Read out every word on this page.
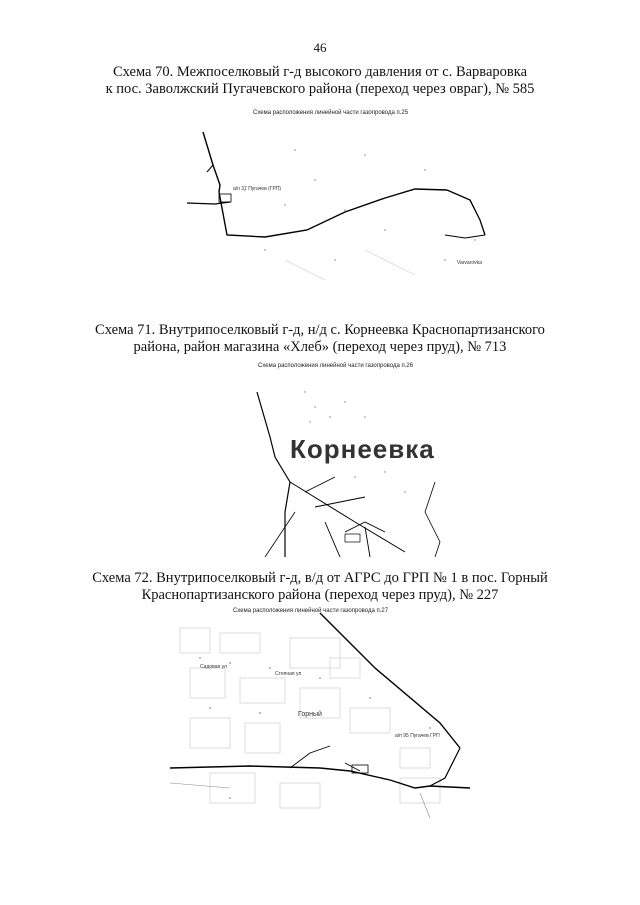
46
Схема 70. Межпоселковый г-д высокого давления от с. Варваровка
к пос. Заволжский Пугачевского района (переход через овраг), № 585
Схема расположения линейной части газопровода п.25
а/п 37 Пугачев (ГРП)
Varvarovka
Схема 71. Внутрипоселковый г-д, н/д с. Корнеевка Краснопартизанского
района, район магазина «Хлеб» (переход через пруд), № 713
Схема расположения линейной части газопровода п.26
Корнеевка
Схема 72. Внутрипоселковый г-д, в/д от АГРС до ГРП № 1 в пос. Горный
Краснопартизанского района (переход через пруд), № 227
Схема расположения линейной части газопровода п.27
Горный
а/п 95 Пугачев ГРП
Садовая ул
Степная ул
